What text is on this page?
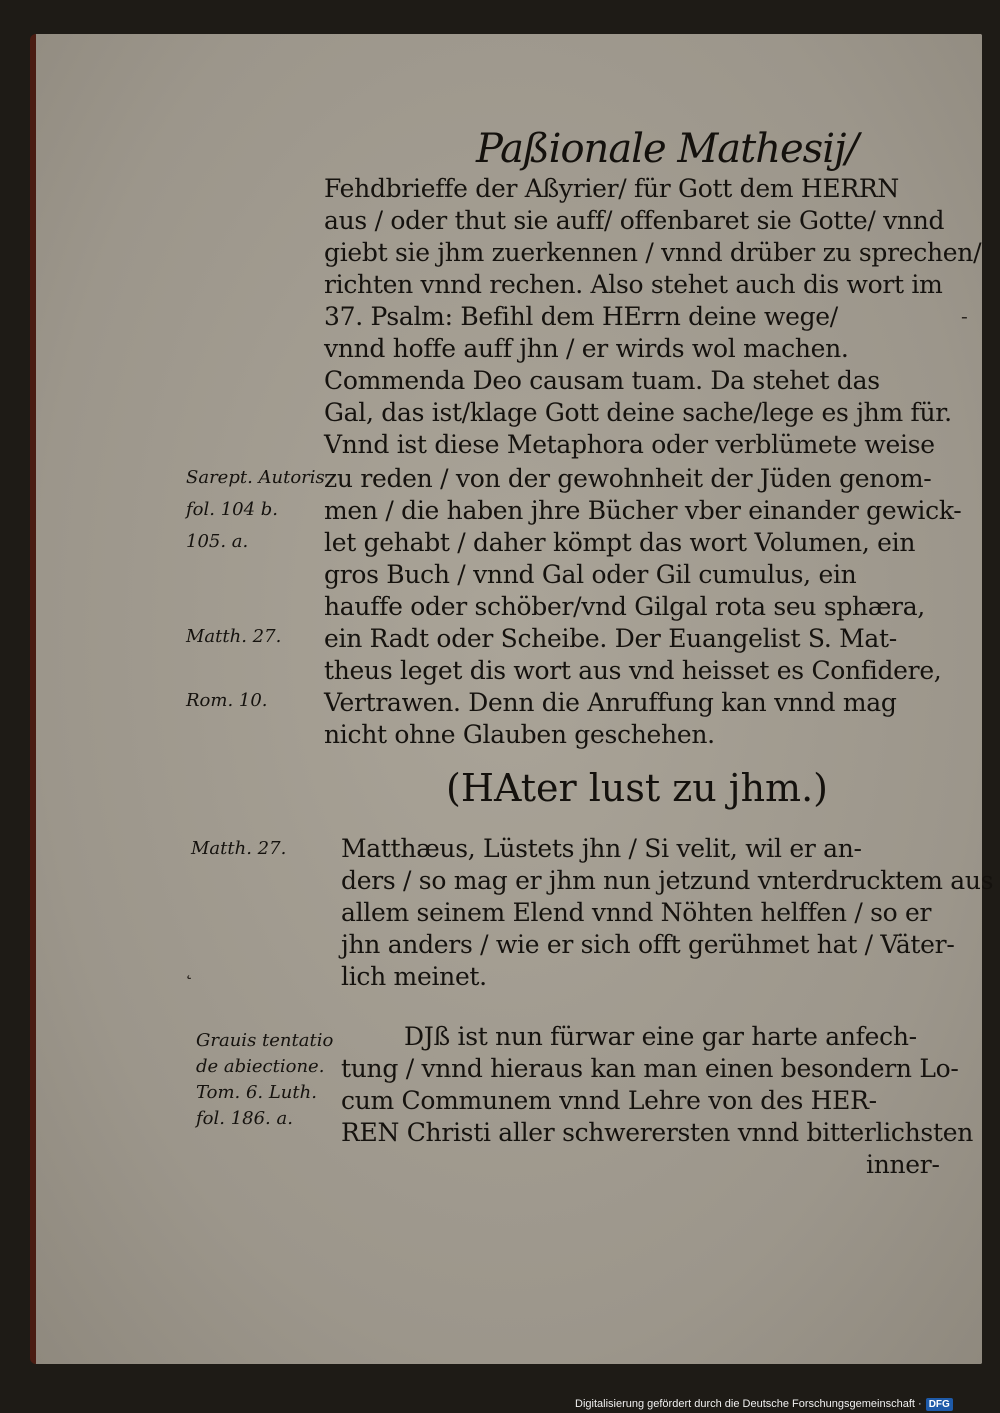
Paßionale Mathesij/
Fehdbrieffe der Aßyrier/ für Gott dem HERRN
aus / oder thut sie auff/ offenbaret sie Gotte/ vnnd
giebt sie jhm zuerkennen / vnnd drüber zu sprechen/
richten vnnd rechen. Also stehet auch dis wort im
37. Psalm: Befihl dem HErrn deine wege/
vnnd hoffe auff jhn / er wirds wol machen.
Commenda Deo causam tuam. Da stehet das
Gal, das ist/klage Gott deine sache/lege es jhm für.
Vnnd ist diese Metaphora oder verblümete weise
zu reden / von der gewohnheit der Jüden genom-
men / die haben jhre Bücher vber einander gewick-
let gehabt / daher kömpt das wort Volumen, ein
gros Buch / vnnd Gal oder Gil cumulus, ein
hauffe oder schöber/vnd Gilgal rota seu sphæra,
ein Radt oder Scheibe. Der Euangelist S. Mat-
theus leget dis wort aus vnd heisset es Confidere,
Vertrawen. Denn die Anruffung kan vnnd mag
nicht ohne Glauben geschehen.
Sarept. Autoris
fol. 104 b.
105. a.
Matth. 27.
Rom. 10.
(HAter lust zu jhm.)
Matthæus, Lüstets jhn / Si velit, wil er an-
ders / so mag er jhm nun jetzund vnterdrucktem aus
allem seinem Elend vnnd Nöhten helffen / so er
jhn anders / wie er sich offt gerühmet hat / Väter-
lich meinet.
Matth. 27.
DJß ist nun fürwar eine gar harte anfech-
tung / vnnd hieraus kan man einen besondern Lo-
cum Communem vnnd Lehre von des HER-
REN Christi aller schwerersten vnnd bitterlichsten
inner-
Grauis tentatio
de abiectione.
Tom. 6. Luth.
fol. 186. a.
-
˛
Digitalisierung gefördert durch die Deutsche Forschungsgemeinschaft · DFG
